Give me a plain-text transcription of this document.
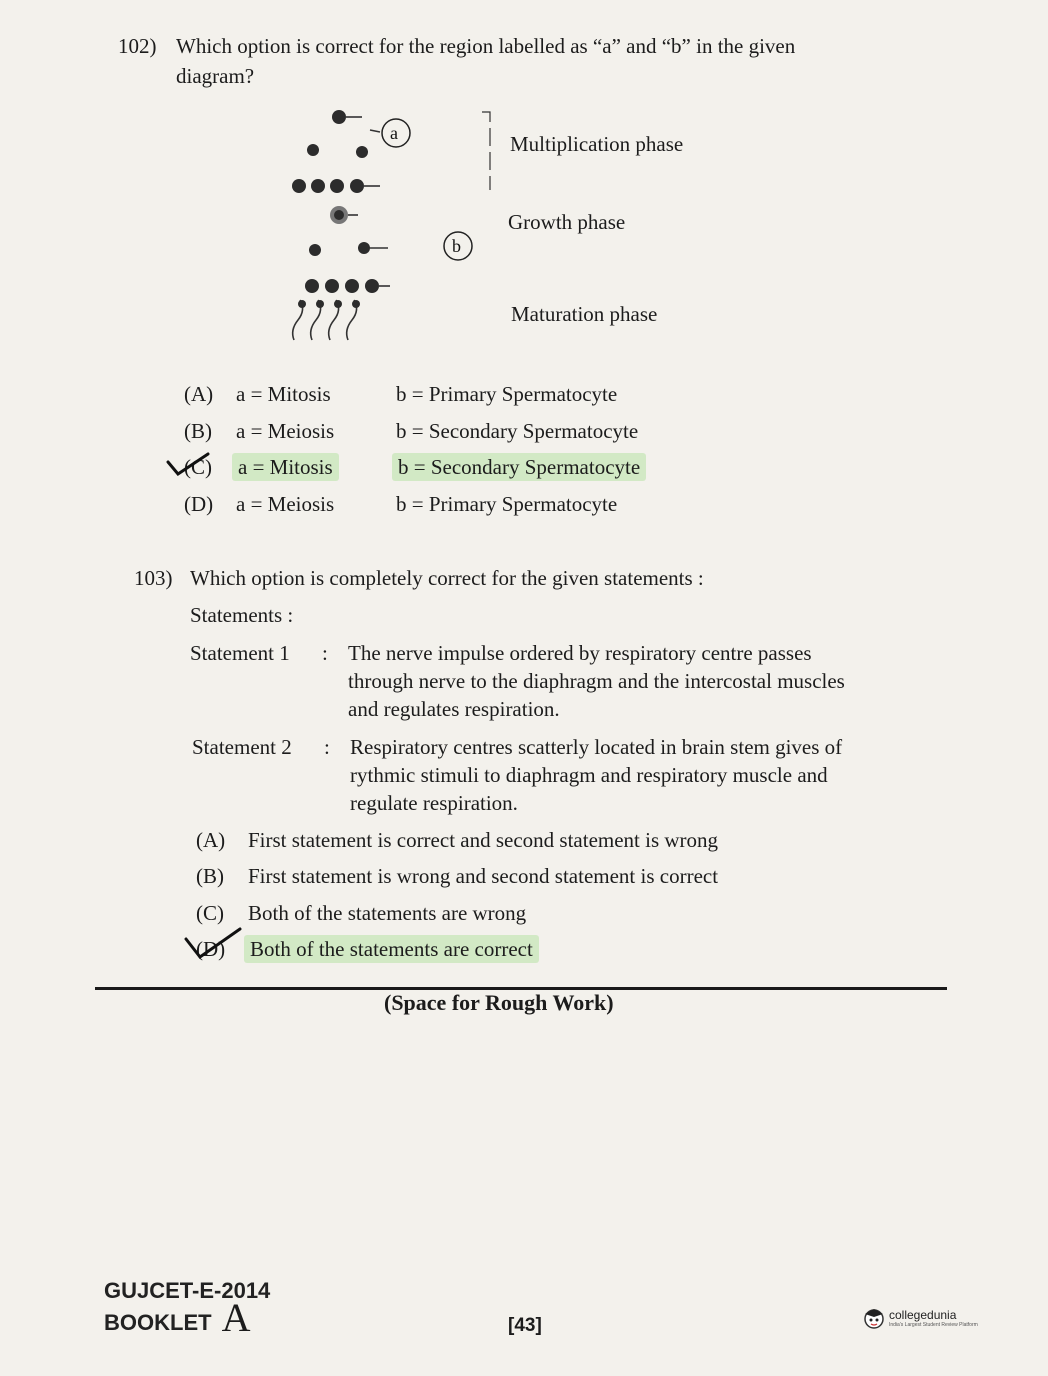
102) Which option is correct for the region labelled as “a” and “b” in the given
diagram?
a
b
Multiplication phase
Growth phase
Maturation phase
(A) a = Mitosis	b = Primary Spermatocyte
(B) a = Meiosis	b = Secondary Spermatocyte
(C) a = Mitosis	b = Secondary Spermatocyte
(D) a = Meiosis	b = Primary Spermatocyte
103) Which option is completely correct for the given statements :
Statements :
Statement 1 : The nerve impulse ordered by respiratory centre passes
through nerve to the diaphragm and the intercostal muscles
and regulates respiration.
Statement 2 : Respiratory centres scatterly located in brain stem gives of
rythmic stimuli to diaphragm and respiratory muscle and
regulate respiration.
(A) First statement is correct and second statement is wrong
(B) First statement is wrong and second statement is correct
(C) Both of the statements are wrong
(D) Both of the statements are correct
(Space for Rough Work)
GUJCET-E-2014
BOOKLET A	[43]	collegedunia
India's Largest Student Review Platform
